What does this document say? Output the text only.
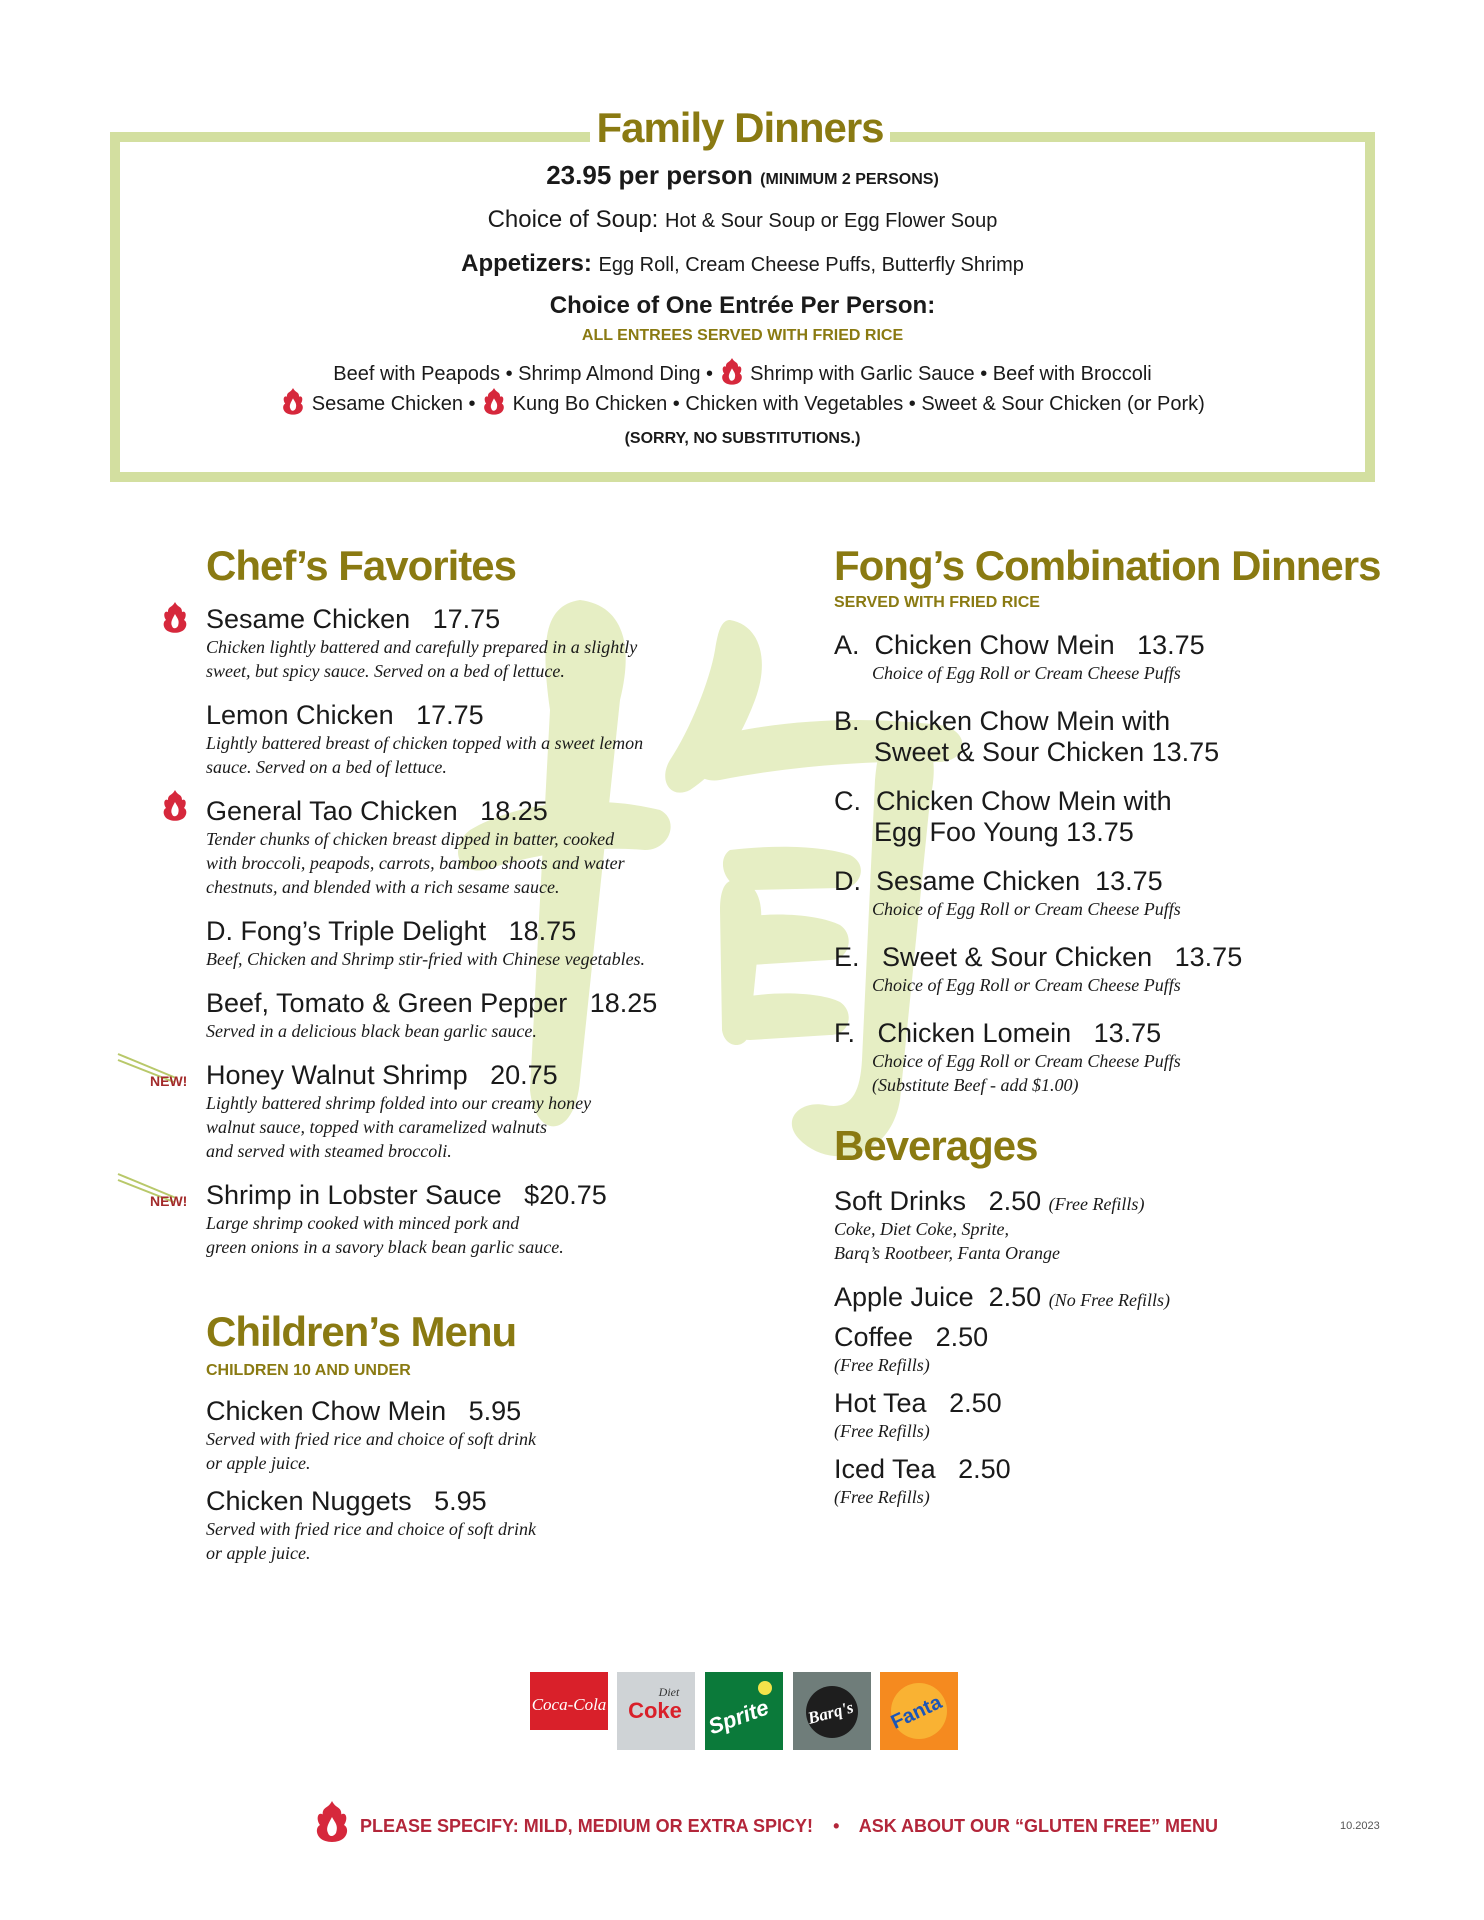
Family Dinners
23.95 per person (MINIMUM 2 PERSONS)
Choice of Soup: Hot & Sour Soup or Egg Flower Soup
Appetizers: Egg Roll, Cream Cheese Puffs, Butterfly Shrimp
Choice of One Entrée Per Person:
ALL ENTREES SERVED WITH FRIED RICE
Beef with Peapods • Shrimp Almond Ding • Shrimp with Garlic Sauce • Beef with Broccoli
Sesame Chicken • Kung Bo Chicken • Chicken with Vegetables • Sweet & Sour Chicken (or Pork)
(SORRY, NO SUBSTITUTIONS.)
Chef’s Favorites
Sesame Chicken 17.75
Chicken lightly battered and carefully prepared in a slightly
sweet, but spicy sauce. Served on a bed of lettuce.
Lemon Chicken 17.75
Lightly battered breast of chicken topped with a sweet lemon
sauce. Served on a bed of lettuce.
General Tao Chicken 18.25
Tender chunks of chicken breast dipped in batter, cooked
with broccoli, peapods, carrots, bamboo shoots and water
chestnuts, and blended with a rich sesame sauce.
D. Fong’s Triple Delight 18.75
Beef, Chicken and Shrimp stir-fried with Chinese vegetables.
Beef, Tomato & Green Pepper 18.25
Served in a delicious black bean garlic sauce.
NEW! Honey Walnut Shrimp 20.75
Lightly battered shrimp folded into our creamy honey
walnut sauce, topped with caramelized walnuts
and served with steamed broccoli.
NEW! Shrimp in Lobster Sauce $20.75
Large shrimp cooked with minced pork and
green onions in a savory black bean garlic sauce.
Children’s Menu
CHILDREN 10 AND UNDER
Chicken Chow Mein 5.95
Served with fried rice and choice of soft drink
or apple juice.
Chicken Nuggets 5.95
Served with fried rice and choice of soft drink
or apple juice.
Fong’s Combination Dinners
SERVED WITH FRIED RICE
A.  Chicken Chow Mein   13.75
Choice of Egg Roll or Cream Cheese Puffs
B.  Chicken Chow Mein with
Sweet & Sour Chicken 13.75
C.  Chicken Chow Mein with
Egg Foo Young 13.75
D.  Sesame Chicken  13.75
Choice of Egg Roll or Cream Cheese Puffs
E.   Sweet & Sour Chicken   13.75
Choice of Egg Roll or Cream Cheese Puffs
F.   Chicken Lomein   13.75
Choice of Egg Roll or Cream Cheese Puffs
(Substitute Beef - add $1.00)
Beverages
Soft Drinks 2.50 (Free Refills)
Coke, Diet Coke, Sprite,
Barq’s Rootbeer, Fanta Orange
Apple Juice 2.50 (No Free Refills)
Coffee 2.50
(Free Refills)
Hot Tea 2.50
(Free Refills)
Iced Tea 2.50
(Free Refills)
Coca-Cola
Diet
Coke Sprite Barq's Fanta
PLEASE SPECIFY: MILD, MEDIUM OR EXTRA SPICY! • ASK ABOUT OUR “GLUTEN FREE” MENU	10.2023
